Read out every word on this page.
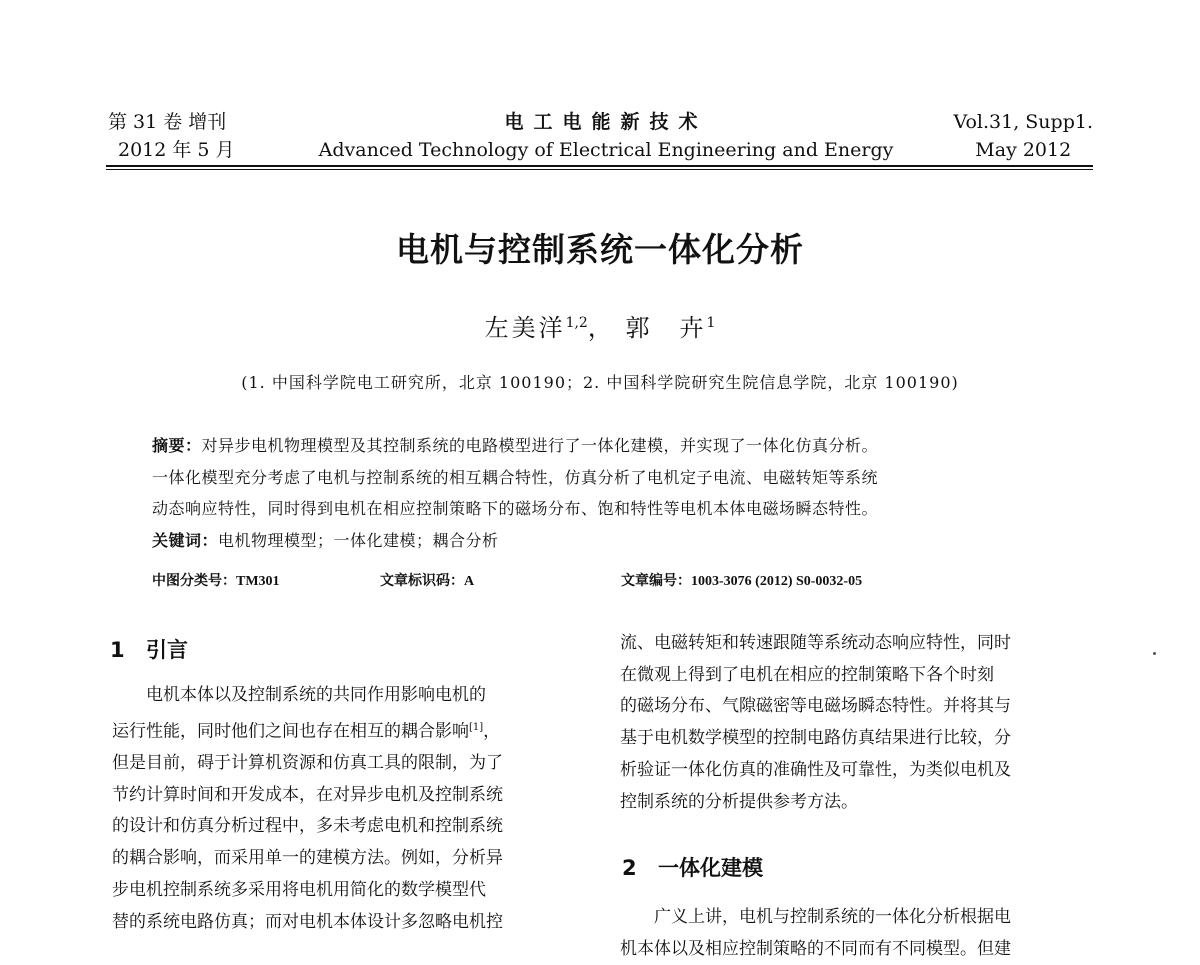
第 31 卷 增刊
2012 年 5 月
电工电能新技术
Advanced Technology of Electrical Engineering and Energy
Vol.31, Supp1.
May 2012
电机与控制系统一体化分析
左美洋$^{1,2}$， 郭　卉$^1$
(1. 中国科学院电工研究所，北京 100190；2. 中国科学院研究生院信息学院，北京 100190)
摘要：对异步电机物理模型及其控制系统的电路模型进行了一体化建模，并实现了一体化仿真分析。
一体化模型充分考虑了电机与控制系统的相互耦合特性，仿真分析了电机定子电流、电磁转矩等系统
动态响应特性，同时得到电机在相应控制策略下的磁场分布、饱和特性等电机本体电磁场瞬态特性。
关键词：电机物理模型；一体化建模；耦合分析
中图分类号：TM301	文章标识码：A	文章编号：1003-3076 (2012) S0-0032-05
1 引言

电机本体以及控制系统的共同作用影响电机的

运行性能，同时他们之间也存在相互的耦合影响[1]，

但是目前，碍于计算机资源和仿真工具的限制，为了

节约计算时间和开发成本，在对异步电机及控制系统

的设计和仿真分析过程中，多未考虑电机和控制系统

的耦合影响，而采用单一的建模方法。例如，分析异

步电机控制系统多采用将电机用简化的数学模型代

替的系统电路仿真；而对电机本体设计多忽略电机控

流、电磁转矩和转速跟随等系统动态响应特性，同时

在微观上得到了电机在相应的控制策略下各个时刻

的磁场分布、气隙磁密等电磁场瞬态特性。并将其与

基于电机数学模型的控制电路仿真结果进行比较，分

析验证一体化仿真的准确性及可靠性，为类似电机及

控制系统的分析提供参考方法。

2 一体化建模

广义上讲，电机与控制系统的一体化分析根据电

机本体以及相应控制策略的不同而有不同模型。但建
